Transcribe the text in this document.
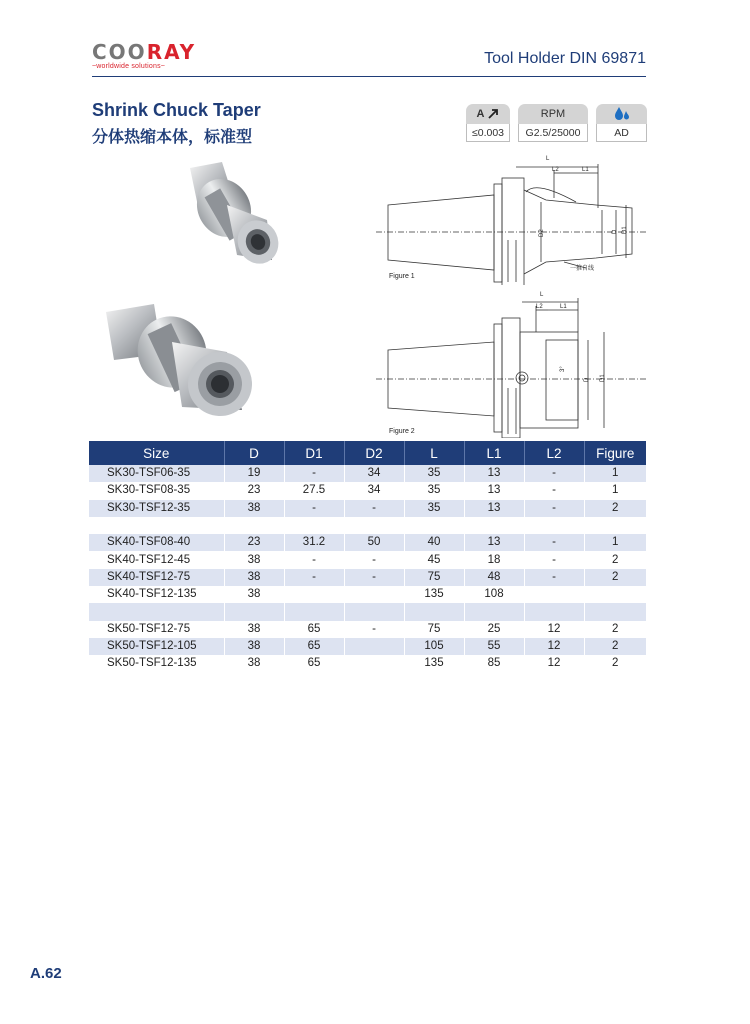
COORAY
~worldwide solutions~	Tool Holder DIN 69871
Shrink Chuck Taper
分体热缩本体，标准型
A
≤0.003
RPM
G2.5/25000	AD
L
L2	L1
D2	D D1
一推自线
Figure 1
L
L2	L1
3°
D D1
Figure 2
Size	D	D1	D2	L	L1	L2	Figure
SK30-TSF06-35	19	-	34	35	13	-	1
SK30-TSF08-35	23	27.5	34	35	13	-	1
SK30-TSF12-35	38	-	-	35	13	-	2

SK40-TSF08-40	23	31.2	50	40	13	-	1
SK40-TSF12-45	38	-	-	45	18	-	2
SK40-TSF12-75	38	-	-	75	48	-	2
SK40-TSF12-135	38			135	108		

SK50-TSF12-75	38	65	-	75	25	12	2
SK50-TSF12-105	38	65		105	55	12	2
SK50-TSF12-135	38	65		135	85	12	2
A.62
